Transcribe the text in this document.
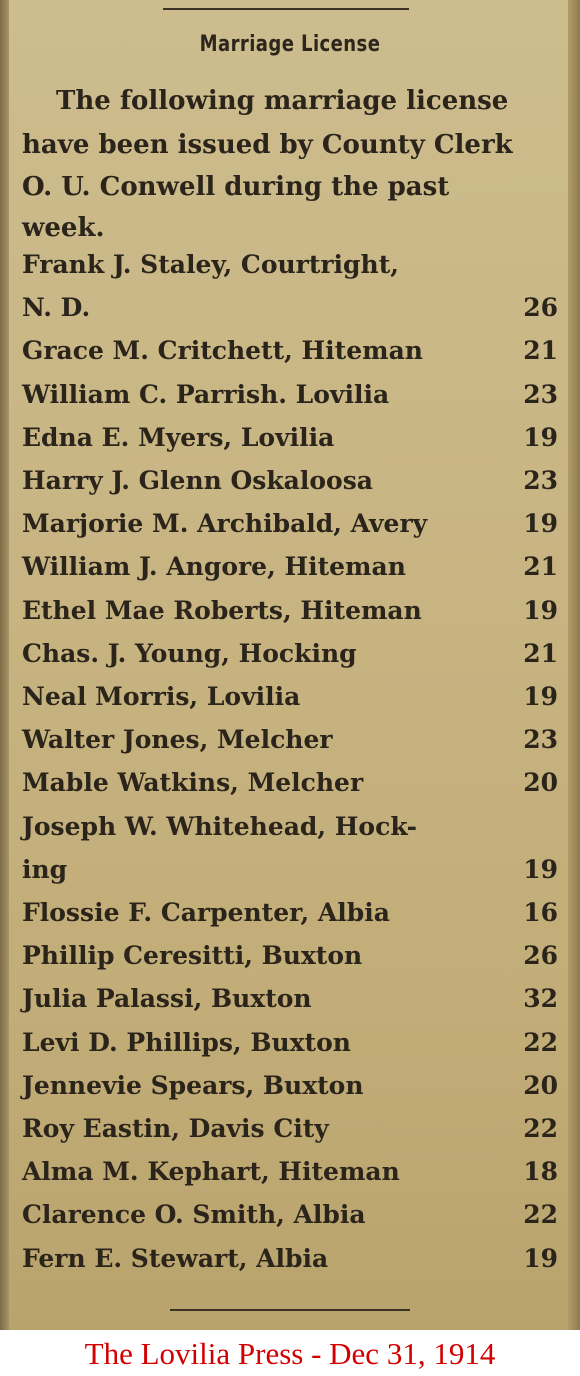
Marriage License
The following marriage license
have been issued by County Clerk
O. U. Conwell during the past
week.
Frank J. Staley, Courtright,
N. D.	26
Grace M. Critchett, Hiteman	21
William C. Parrish. Lovilia	23
Edna E. Myers, Lovilia	19
Harry J. Glenn Oskaloosa	23
Marjorie M. Archibald, Avery	19
William J. Angore, Hiteman	21
Ethel Mae Roberts, Hiteman	19
Chas. J. Young, Hocking	21
Neal Morris, Lovilia	19
Walter Jones, Melcher	23
Mable Watkins, Melcher	20
Joseph W. Whitehead, Hock-
ing	19
Flossie F. Carpenter, Albia	16
Phillip Ceresitti, Buxton	26
Julia Palassi, Buxton	32
Levi D. Phillips, Buxton	22
Jennevie Spears, Buxton	20
Roy Eastin, Davis City	22
Alma M. Kephart, Hiteman	18
Clarence O. Smith, Albia	22
Fern E. Stewart, Albia	19
The Lovilia Press - Dec 31, 1914
